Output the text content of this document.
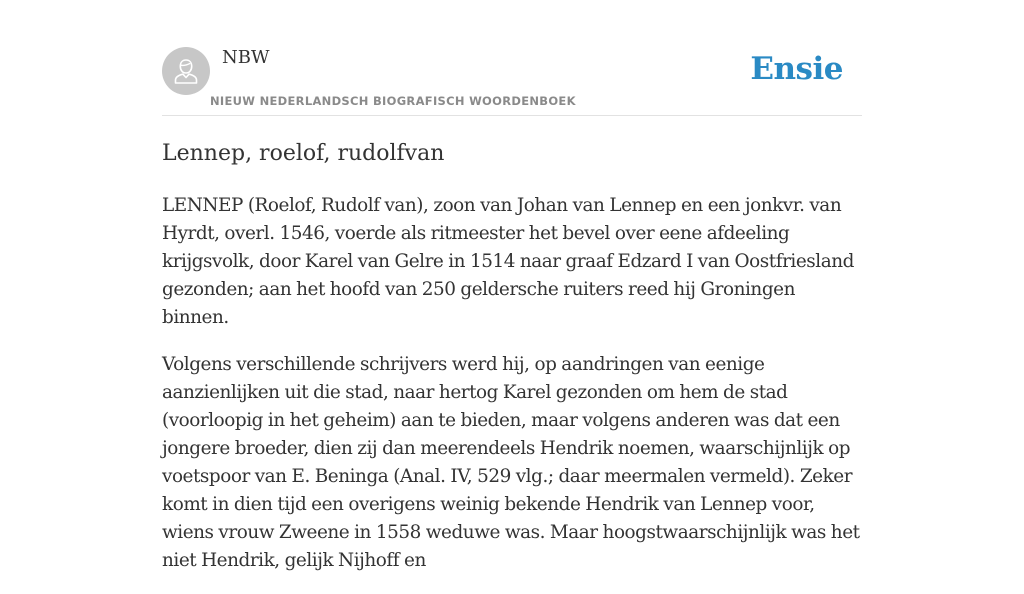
NBW
NIEUW NEDERLANDSCH BIOGRAFISCH WOORDENBOEK
Ensie
Lennep, roelof, rudolfvan

LENNEP (Roelof, Rudolf van), zoon van Johan van Lennep en een jonkvr. van Hyrdt, overl. 1546, voerde als ritmeester het bevel over eene afdeeling krijgsvolk, door Karel van Gelre in 1514 naar graaf Edzard I van Oostfriesland gezonden; aan het hoofd van 250 geldersche ruiters reed hij Groningen binnen.

Volgens verschillende schrijvers werd hij, op aandringen van eenige aanzienlijken uit die stad, naar hertog Karel gezonden om hem de stad (voorloopig in het geheim) aan te bieden, maar volgens anderen was dat een jongere broeder, dien zij dan meerendeels Hendrik noemen, waarschijnlijk op voetspoor van E. Beninga (Anal. IV, 529 vlg.; daar meermalen vermeld). Zeker komt in dien tijd een overigens weinig bekende Hendrik van Lennep voor, wiens vrouw Zweene in 1558 weduwe was. Maar hoogstwaarschijnlijk was het niet Hendrik, gelijk Nijhoff en
